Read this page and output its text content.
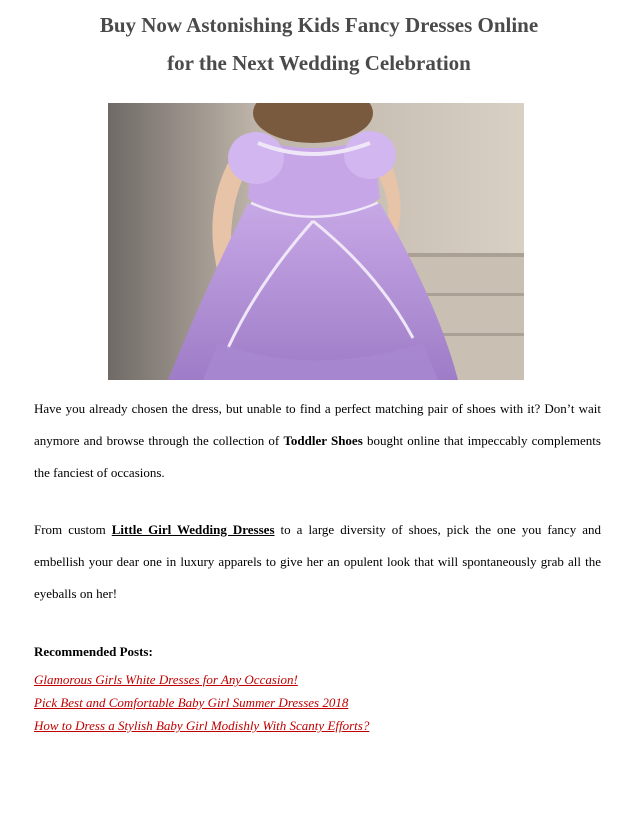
Buy Now Astonishing Kids Fancy Dresses Online
for the Next Wedding Celebration
Have you already chosen the dress, but unable to find a perfect matching pair of shoes with it? Don’t wait anymore and browse through the collection of Toddler Shoes bought online that impeccably complements the fanciest of occasions.
From custom Little Girl Wedding Dresses to a large diversity of shoes, pick the one you fancy and embellish your dear one in luxury apparels to give her an opulent look that will spontaneously grab all the eyeballs on her!
Recommended Posts:
Glamorous Girls White Dresses for Any Occasion!
Pick Best and Comfortable Baby Girl Summer Dresses 2018
How to Dress a Stylish Baby Girl Modishly With Scanty Efforts?
